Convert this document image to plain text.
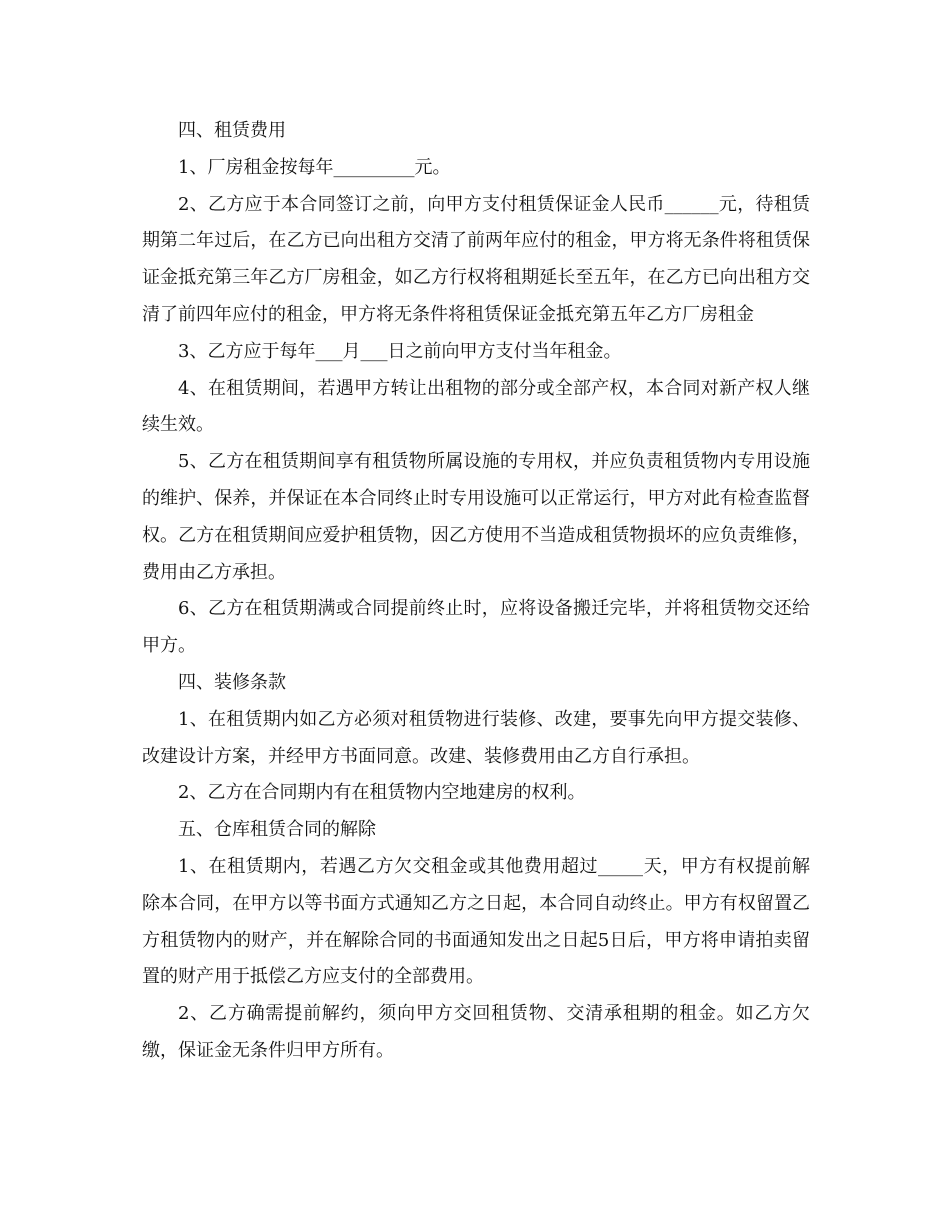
四、租赁费用

1、厂房租金按每年_________元。

2、乙方应于本合同签订之前，向甲方支付租赁保证金人民币______元，待租赁期第二年过后，在乙方已向出租方交清了前两年应付的租金，甲方将无条件将租赁保证金抵充第三年乙方厂房租金，如乙方行权将租期延长至五年，在乙方已向出租方交清了前四年应付的租金，甲方将无条件将租赁保证金抵充第五年乙方厂房租金

3、乙方应于每年___月___日之前向甲方支付当年租金。

4、在租赁期间，若遇甲方转让出租物的部分或全部产权，本合同对新产权人继续生效。

5、乙方在租赁期间享有租赁物所属设施的专用权，并应负责租赁物内专用设施的维护、保养，并保证在本合同终止时专用设施可以正常运行，甲方对此有检查监督权。乙方在租赁期间应爱护租赁物，因乙方使用不当造成租赁物损坏的应负责维修，费用由乙方承担。

6、乙方在租赁期满或合同提前终止时，应将设备搬迁完毕，并将租赁物交还给甲方。

四、装修条款

1、在租赁期内如乙方必须对租赁物进行装修、改建，要事先向甲方提交装修、改建设计方案，并经甲方书面同意。改建、装修费用由乙方自行承担。

2、乙方在合同期内有在租赁物内空地建房的权利。

五、仓库租赁合同的解除

1、在租赁期内，若遇乙方欠交租金或其他费用超过_____天，甲方有权提前解除本合同，在甲方以等书面方式通知乙方之日起，本合同自动终止。甲方有权留置乙方租赁物内的财产，并在解除合同的书面通知发出之日起5日后，甲方将申请拍卖留置的财产用于抵偿乙方应支付的全部费用。

2、乙方确需提前解约，须向甲方交回租赁物、交清承租期的租金。如乙方欠缴，保证金无条件归甲方所有。
